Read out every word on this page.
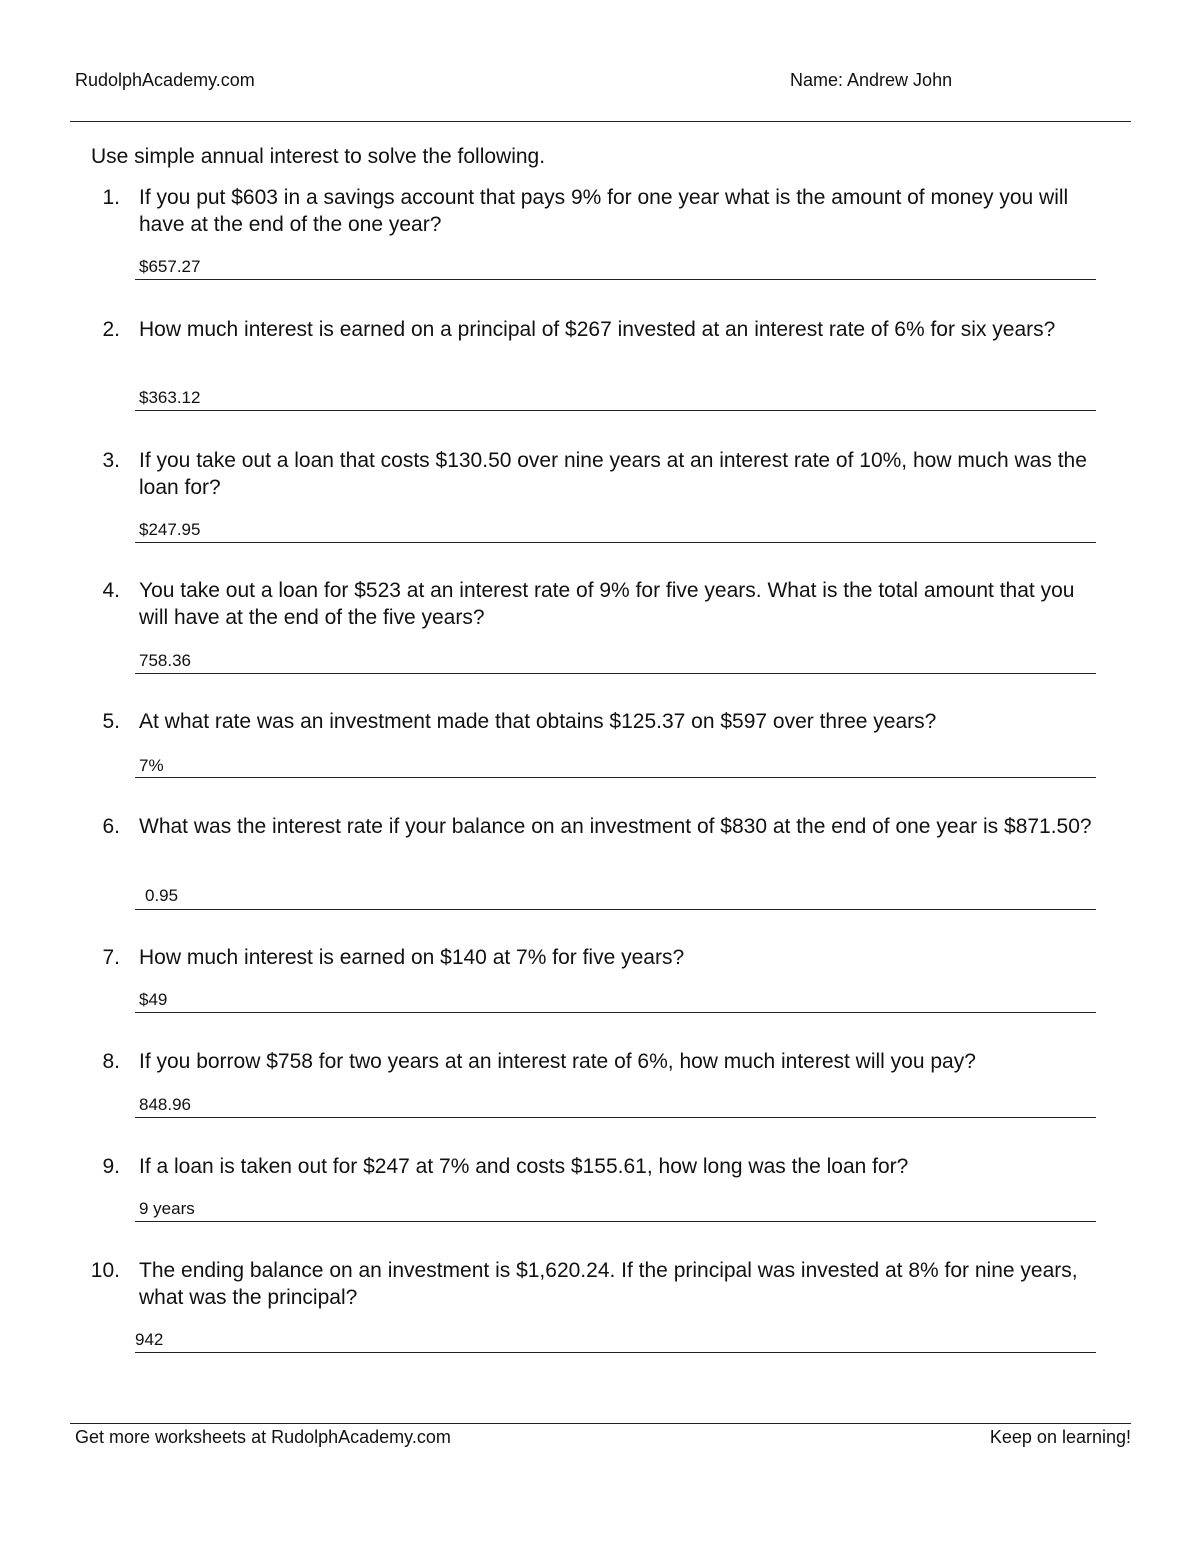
RudolphAcademy.com	Name: Andrew John
Use simple annual interest to solve the following.
1. If you put $603 in a savings account that pays 9% for one year what is the amount of money you will have at the end of the one year?
$657.27
2. How much interest is earned on a principal of $267 invested at an interest rate of 6% for six years?
$363.12
3. If you take out a loan that costs $130.50 over nine years at an interest rate of 10%, how much was the loan for?
$247.95
4. You take out a loan for $523 at an interest rate of 9% for five years. What is the total amount that you will have at the end of the five years?
758.36
5. At what rate was an investment made that obtains $125.37 on $597 over three years?
7%
6. What was the interest rate if your balance on an investment of $830 at the end of one year is $871.50?
0.95
7. How much interest is earned on $140 at 7% for five years?
$49
8. If you borrow $758 for two years at an interest rate of 6%, how much interest will you pay?
848.96
9. If a loan is taken out for $247 at 7% and costs $155.61, how long was the loan for?
9 years
10. The ending balance on an investment is $1,620.24. If the principal was invested at 8% for nine years, what was the principal?
942
Get more worksheets at RudolphAcademy.com	Keep on learning!
